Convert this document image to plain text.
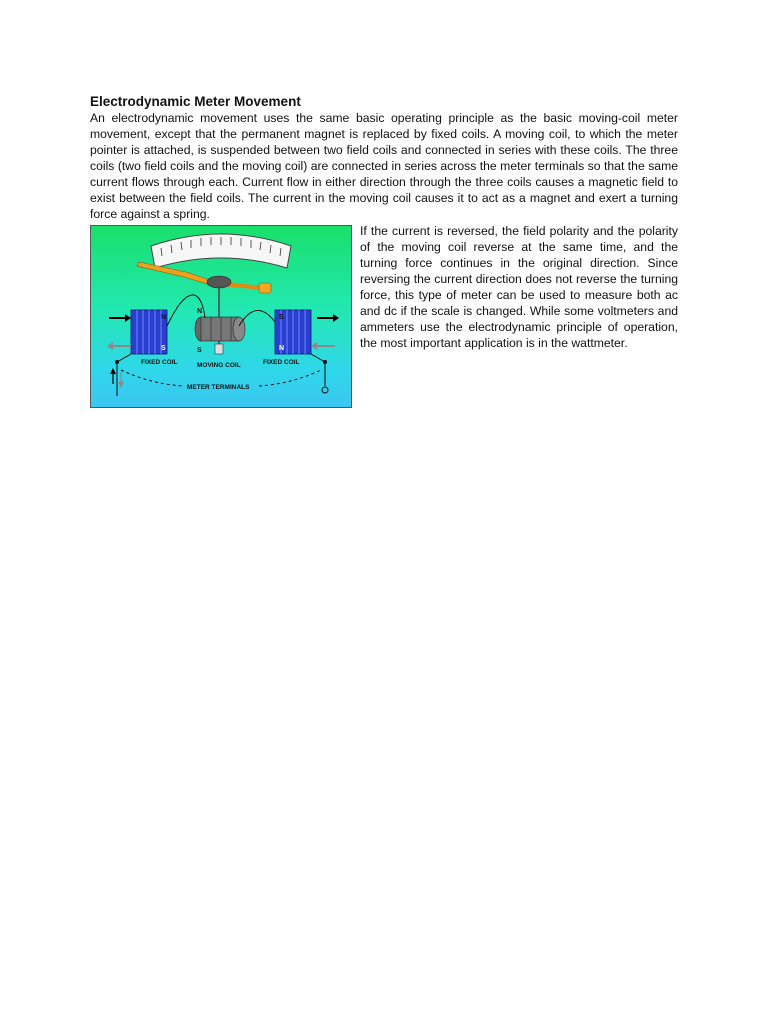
Electrodynamic Meter Movement

An electrodynamic movement uses the same basic operating principle as the basic moving-coil meter movement, except that the permanent magnet is replaced by fixed coils. A moving coil, to which the meter pointer is attached, is suspended between two field coils and connected in series with these coils. The three coils (two field coils and the moving coil) are connected in series across the meter terminals so that the same current flows through each. Current flow in either direction through the three coils causes a magnetic field to exist between the field coils. The current in the moving coil causes it to act as a magnet and exert a turning force against a spring.

N
S
S
N
N
S
FIXED COIL	MOVING COIL	FIXED COIL
METER TERMINALS

If the current is reversed, the field polarity and the polarity of the moving coil reverse at the same time, and the turning force continues in the original direction. Since reversing the current direction does not reverse the turning force, this type of meter can be used to measure both ac and dc if the scale is changed. While some voltmeters and ammeters use the electrodynamic principle of operation, the most important application is in the wattmeter.
